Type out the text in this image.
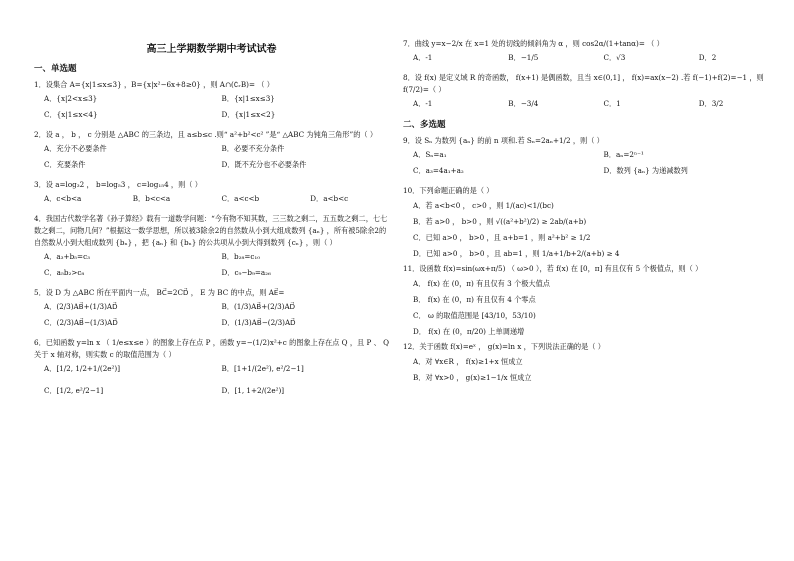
高三上学期数学期中考试试卷
一、单选题
1．设集合 A={x|1≤x≤3} ，B={x|x²−6x+8≥0} ，则 A∩(∁ᵣB)= （ ）
A．{x|2<x≤3}	B．{x|1≤x≤3}
C．{x|1≤x<4}	D．{x|1≤x<2}
2．设 a ， b ， c 分别是 △ABC 的三条边，且 a≤b≤c .则“ a²+b²<c² ”是“ △ABC 为钝角三角形”的（ ）
A．充分不必要条件	B．必要不充分条件
C．充要条件	D．既不充分也不必要条件
3．设 a=log₃2 ， b=log₅3 ， c=log₁₅4 ，则（ ）
A．c<b<a	B．b<c<a	C．a<c<b	D．a<b<c
4．我国古代数学名著《孙子算经》载有一道数学问题：“今有物不知其数，三三数之剩二，五五数之剩二，七七数之剩二，问物几何？”根据这一数学思想，所以被3除余2的自然数从小到大组成数列 {aₙ} ，所有被5除余2的自然数从小到大组成数列 {bₙ} ，把 {aₙ} 和 {bₙ} 的公共项从小到大得到数列 {cₙ} ，则（ ）
A．a₃+b₅=c₃	B．b₂₈=c₁₀
C．a₅b₂>c₈	D．c₉−b₉=a₂₆
5．设 D 为 △ABC 所在平面内一点， BC⃗=2CD⃗ ， E 为 BC 的中点，则 AE⃗=
A．(2/3)AB⃗+(1/3)AD⃗	B．(1/3)AB⃗+(2/3)AD⃗
C．(2/3)AB⃗−(1/3)AD⃗	D．(1/3)AB⃗−(2/3)AD⃗
6．已知函数 y=ln x （ 1/e≤x≤e ）的图象上存在点 P ，函数 y=−(1/2)x²+c 的图象上存在点 Q ，且 P 、 Q 关于 x 轴对称，则实数 c 的取值范围为（ ）
A．[1/2, 1/2+1/(2e²)]	B．[1+1/(2e²), e²/2−1]
C．[1/2, e²/2−1]	D．[1, 1+2/(2e²)]
7．曲线 y=x−2/x 在 x=1 处的切线的倾斜角为 α ，则 cos2α/(1+tanα)= （ ）
A．-1	B．−1/5	C．√3	D．2
8．设 f(x) 是定义域 R 的奇函数， f(x+1) 是偶函数，且当 x∈(0,1] ， f(x)=ax(x−2) .若 f(−1)+f(2)=−1 ，则 f(7/2)=（ ）
A．-1	B．−3/4	C．1	D．3/2
二、多选题
9．设 Sₙ 为数列 {aₙ} 的前 n 项和.若 Sₙ=2aₙ+1/2 ，则（ ）
A．Sₙ=a₁	B．aₙ=2ⁿ⁻¹
C．a₃=4a₁+a₂	D．数列 {aₙ} 为递减数列
10．下列命题正确的是（ ）
A．若 a<b<0 ， c>0 ，则 1/(ac)<1/(bc)
B．若 a>0 ， b>0 ，则 √((a²+b²)/2) ≥ 2ab/(a+b)
C．已知 a>0 ， b>0 ，且 a+b=1 ，则 a²+b² ≥ 1/2
D．已知 a>0 ， b>0 ，且 ab=1 ，则 1/a+1/b+2/(a+b) ≥ 4
11．设函数 f(x)=sin(ωx+π/5) （ ω>0 ），若 f(x) 在 [0，π] 有且仅有 5 个极值点，则（ ）
A． f(x) 在 (0，π) 有且仅有 3 个极大值点
B． f(x) 在 (0，π) 有且仅有 4 个零点
C． ω 的取值范围是 [43/10，53/10)
D． f(x) 在 (0，π/20) 上单调递增
12．关于函数 f(x)=eˣ ， g(x)=ln x ，下列说法正确的是（ ）
A．对 ∀x∈R ， f(x)≥1+x 恒成立
B．对 ∀x>0 ， g(x)≥1−1/x 恒成立
